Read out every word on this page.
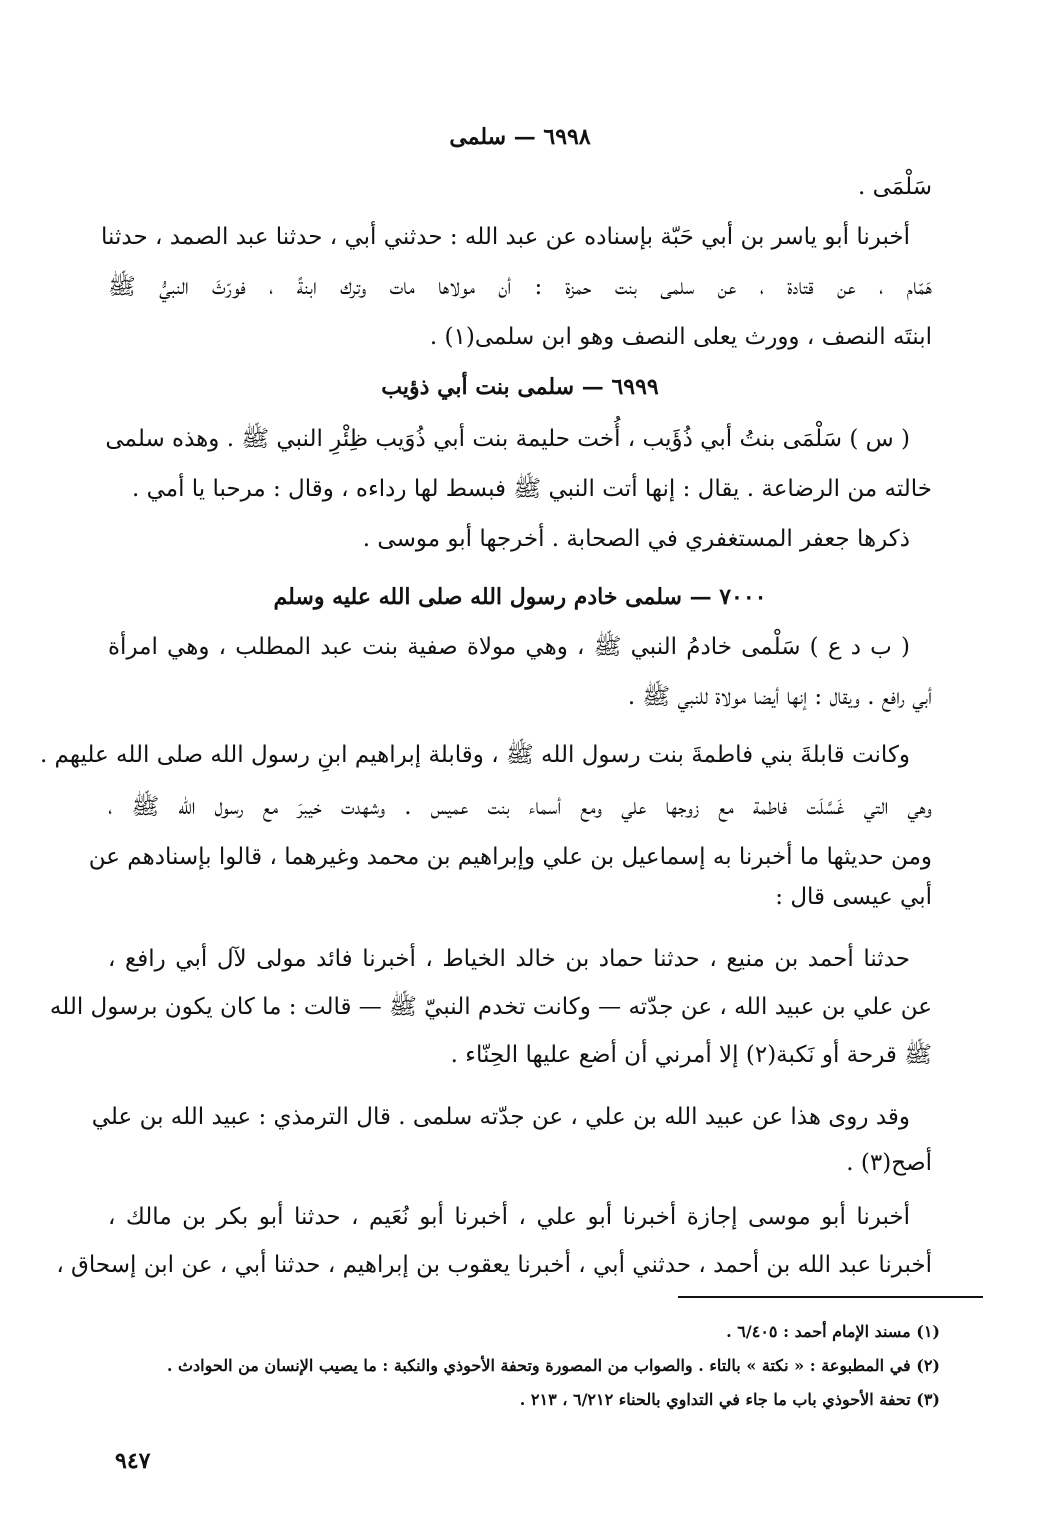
٦٩٩٨ — سلمى
سَلْمَى .
أخبرنا أبو ياسر بن أبي حَبّة بإسناده عن عبد الله : حدثني أبي ، حدثنا عبد الصمد ، حدثنا
هَمّام ، عن قتادة ، عن سلمى بنت حمزة : أن مولاها مات وترك ابنةً ، فورّثَ النبيُّ ﷺ
ابنتَه النصف ، وورث يعلى النصف وهو ابن سلمى(١) .
٦٩٩٩ — سلمى بنت أبي ذؤيب
( س ) سَلْمَى بنتُ أبي ذُؤَيب ، أُخت حليمة بنت أبي ذُوَيب ظِئْرِ النبي ﷺ . وهذه سلمى
خالته من الرضاعة . يقال : إنها أتت النبي ﷺ فبسط لها رداءه ، وقال : مرحبا يا أمي .
ذكرها جعفر المستغفري في الصحابة . أخرجها أبو موسى .
٧٠٠٠ — سلمى خادم رسول الله صلى الله عليه وسلم
( ب د ع ) سَلْمى خادمُ النبي ﷺ ، وهي مولاة صفية بنت عبد المطلب ، وهي امرأة
أبي رافع . ويقال : إنها أيضا مولاة للنبي ﷺ .
وكانت قابلةَ بني فاطمةَ بنت رسول الله ﷺ ، وقابلة إبراهيم ابنِ رسول الله صلى الله عليهم .
وهي التي غَسَّلَت فاطمة مع زوجها علي ومع أسماء بنت عميس . وشهدت خيبرَ مع رسول الله ﷺ ،
ومن حديثها ما أخبرنا به إسماعيل بن علي وإبراهيم بن محمد وغيرهما ، قالوا بإسنادهم عن
أبي عيسى قال :
حدثنا أحمد بن منيع ، حدثنا حماد بن خالد الخياط ، أخبرنا فائد مولى لآل أبي رافع ،
عن علي بن عبيد الله ، عن جدّته — وكانت تخدم النبيّ ﷺ — قالت : ما كان يكون برسول الله
ﷺ قرحة أو نَكبة(٢) إلا أمرني أن أضع عليها الحِنّاء .
وقد روى هذا عن عبيد الله بن علي ، عن جدّته سلمى . قال الترمذي : عبيد الله بن علي
أصح(٣) .
أخبرنا أبو موسى إجازة أخبرنا أبو علي ، أخبرنا أبو نُعَيم ، حدثنا أبو بكر بن مالك ،
أخبرنا عبد الله بن أحمد ، حدثني أبي ، أخبرنا يعقوب بن إبراهيم ، حدثنا أبي ، عن ابن إسحاق ،
(١) مسند الإمام أحمد : ٦/٤٠٥ .
(٢) في المطبوعة : « نكتة » بالتاء . والصواب من المصورة وتحفة الأحوذي والنكبة : ما يصيب الإنسان من الحوادث .
(٣) تحفة الأحوذي باب ما جاء في التداوي بالحناء ٦/٢١٢ ، ٢١٣ .
٩٤٧
